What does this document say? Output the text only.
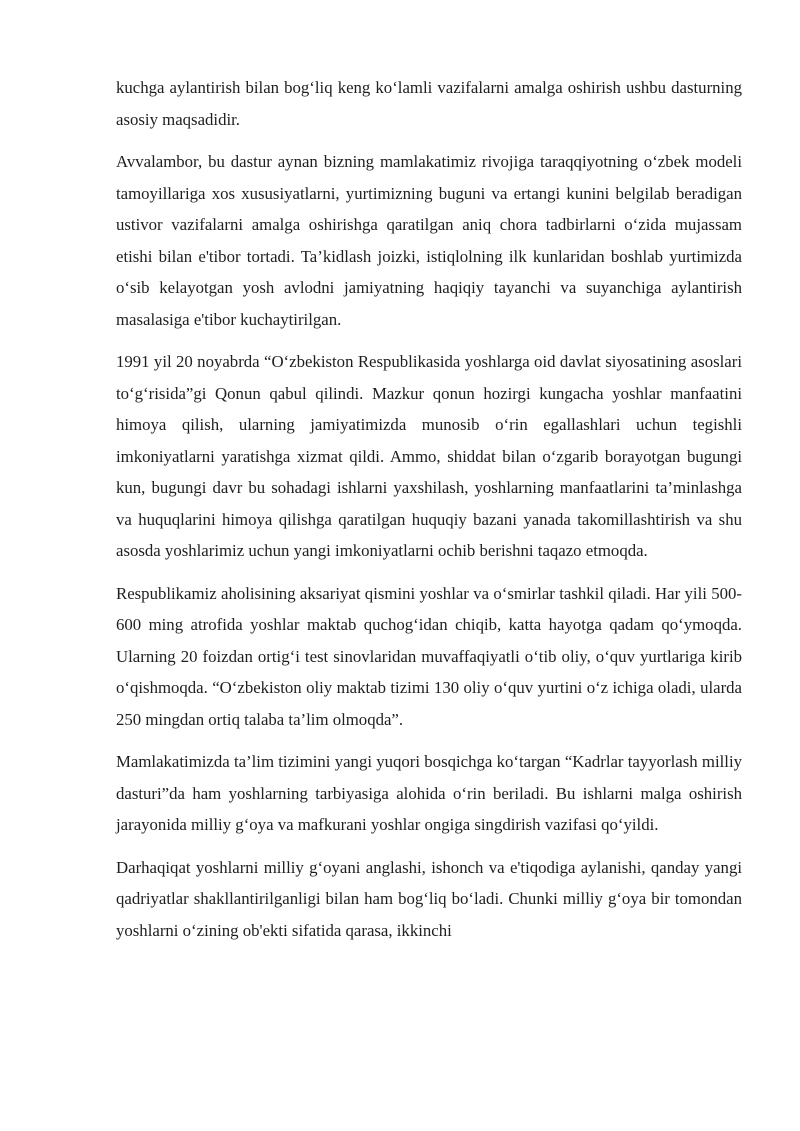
kuchga aylantirish bilan bog‘liq keng ko‘lamli vazifalarni amalga oshirish ushbu dasturning asosiy maqsadidir.

Avvalambor, bu dastur aynan bizning mamlakatimiz rivojiga taraqqiyotning o‘zbek modeli tamoyillariga xos xususiyatlarni, yurtimizning buguni va ertangi kunini belgilab beradigan ustivor vazifalarni amalga oshirishga qaratilgan aniq chora tadbirlarni o‘zida mujassam etishi bilan e'tibor tortadi. Ta’kidlash joizki, istiqlolning ilk kunlaridan boshlab yurtimizda o‘sib kelayotgan yosh avlodni jamiyatning haqiqiy tayanchi va suyanchiga aylantirish masalasiga e'tibor kuchaytirilgan.

1991 yil 20 noyabrda “O‘zbekiston Respublikasida yoshlarga oid davlat siyosatining asoslari to‘g‘risida”gi Qonun qabul qilindi. Mazkur qonun hozirgi kungacha yoshlar manfaatini himoya qilish, ularning jamiyatimizda munosib o‘rin egallashlari uchun tegishli imkoniyatlarni yaratishga xizmat qildi. Ammo, shiddat bilan o‘zgarib borayotgan bugungi kun, bugungi davr bu sohadagi ishlarni yaxshilash, yoshlarning manfaatlarini ta’minlashga va huquqlarini himoya qilishga qaratilgan huquqiy bazani yanada takomillashtirish va shu asosda yoshlarimiz uchun yangi imkoniyatlarni ochib berishni taqazo etmoqda.

Respublikamiz aholisining aksariyat qismini yoshlar va o‘smirlar tashkil qiladi. Har yili 500-600 ming atrofida yoshlar maktab quchog‘idan chiqib, katta hayotga qadam qo‘ymoqda. Ularning 20 foizdan ortig‘i test sinovlaridan muvaffaqiyatli o‘tib oliy, o‘quv yurtlariga kirib o‘qishmoqda. “O‘zbekiston oliy maktab tizimi 130 oliy o‘quv yurtini o‘z ichiga oladi, ularda 250 mingdan ortiq talaba ta’lim olmoqda”.

Mamlakatimizda ta’lim tizimini yangi yuqori bosqichga ko‘targan “Kadrlar tayyorlash milliy dasturi”da ham yoshlarning tarbiyasiga alohida o‘rin beriladi. Bu ishlarni malga oshirish jarayonida milliy g‘oya va mafkurani yoshlar ongiga singdirish vazifasi qo‘yildi.

Darhaqiqat yoshlarni milliy g‘oyani anglashi, ishonch va e'tiqodiga aylanishi, qanday yangi qadriyatlar shakllantirilganligi bilan ham bog‘liq bo‘ladi. Chunki milliy g‘oya bir tomondan yoshlarni o‘zining ob'ekti sifatida qarasa, ikkinchi
